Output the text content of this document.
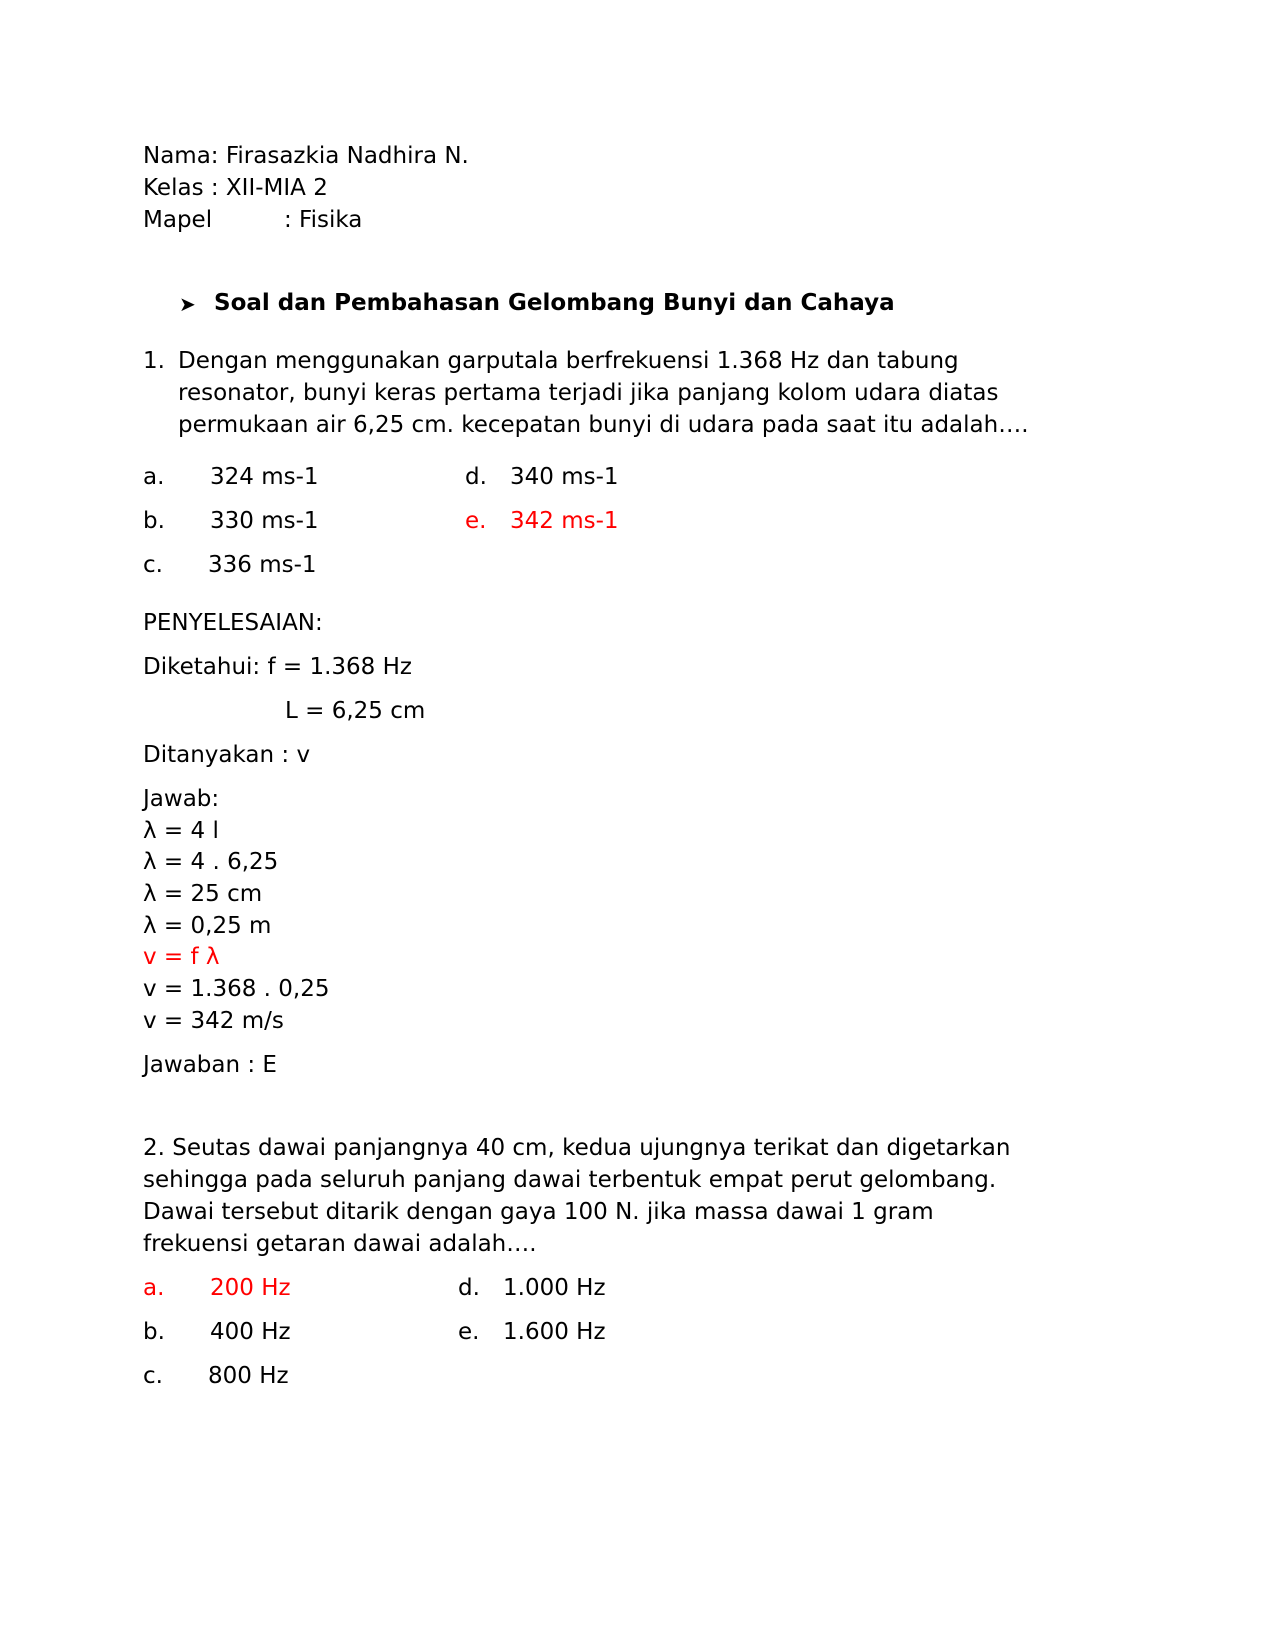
Nama: Firasazkia Nadhira N.
Kelas : XII-MIA 2
Mapel	: Fisika
➤ Soal dan Pembahasan Gelombang Bunyi dan Cahaya
1. Dengan menggunakan garputala berfrekuensi 1.368 Hz dan tabung
resonator, bunyi keras pertama terjadi jika panjang kolom udara diatas
permukaan air 6,25 cm. kecepatan bunyi di udara pada saat itu adalah….
a. 324 ms-1
b. 330 ms-1
c. 336 ms-1
d. 340 ms-1
e. 342 ms-1
PENYELESAIAN:
Diketahui: f = 1.368 Hz
L = 6,25 cm
Ditanyakan : v
Jawab:
λ = 4 l
λ = 4 . 6,25
λ = 25 cm
λ = 0,25 m
v = f λ
v = 1.368 . 0,25
v = 342 m/s
Jawaban : E
2. Seutas dawai panjangnya 40 cm, kedua ujungnya terikat dan digetarkan
sehingga pada seluruh panjang dawai terbentuk empat perut gelombang.
Dawai tersebut ditarik dengan gaya 100 N. jika massa dawai 1 gram
frekuensi getaran dawai adalah….
a. 200 Hz
b. 400 Hz
c. 800 Hz
d. 1.000 Hz
e. 1.600 Hz
